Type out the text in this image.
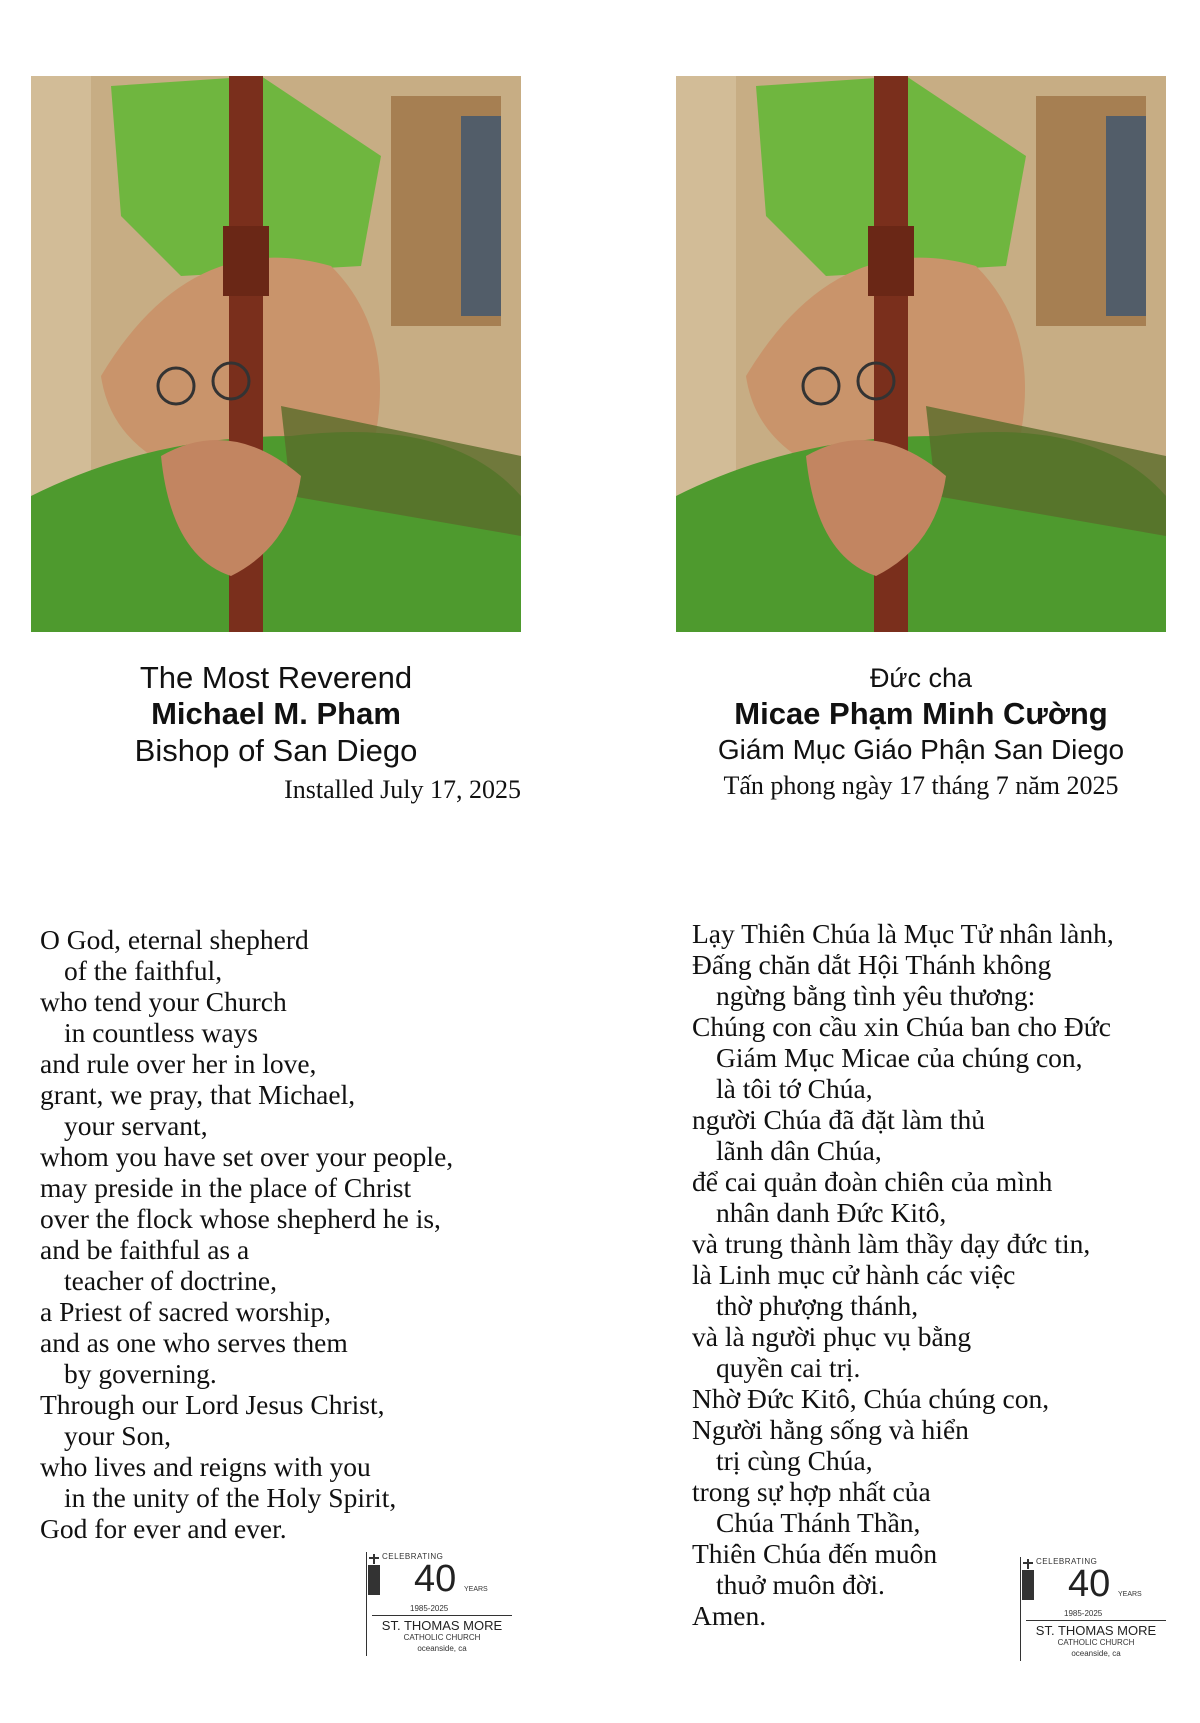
The Most Reverend
Michael M. Pham
Bishop of San Diego
Installed July 17, 2025
O God, eternal shepherd
of the faithful,
who tend your Church
in countless ways
and rule over her in love,
grant, we pray, that Michael,
your servant,
whom you have set over your people,
may preside in the place of Christ
over the flock whose shepherd he is,
and be faithful as a
teacher of doctrine,
a Priest of sacred worship,
and as one who serves them
by governing.
Through our Lord Jesus Christ,
your Son,
who lives and reigns with you
in the unity of the Holy Spirit,
God for ever and ever.
CELEBRATING
40 YEARS
1985-2025
ST. THOMAS MORE
CATHOLIC CHURCH
oceanside, ca
Đức cha
Micae Phạm Minh Cường
Giám Mục Giáo Phận San Diego
Tấn phong ngày 17 tháng 7 năm 2025
Lạy Thiên Chúa là Mục Tử nhân lành,
Đấng chăn dắt Hội Thánh không
ngừng bằng tình yêu thương:
Chúng con cầu xin Chúa ban cho Đức
Giám Mục Micae của chúng con,
là tôi tớ Chúa,
người Chúa đã đặt làm thủ
lãnh dân Chúa,
để cai quản đoàn chiên của mình
nhân danh Đức Kitô,
và trung thành làm thầy dạy đức tin,
là Linh mục cử hành các việc
thờ phượng thánh,
và là người phục vụ bằng
quyền cai trị.
Nhờ Đức Kitô, Chúa chúng con,
Người hằng sống và hiển
trị cùng Chúa,
trong sự hợp nhất của
Chúa Thánh Thần,
Thiên Chúa đến muôn
thuở muôn đời.
Amen.
CELEBRATING
40 YEARS
1985-2025
ST. THOMAS MORE
CATHOLIC CHURCH
oceanside, ca
